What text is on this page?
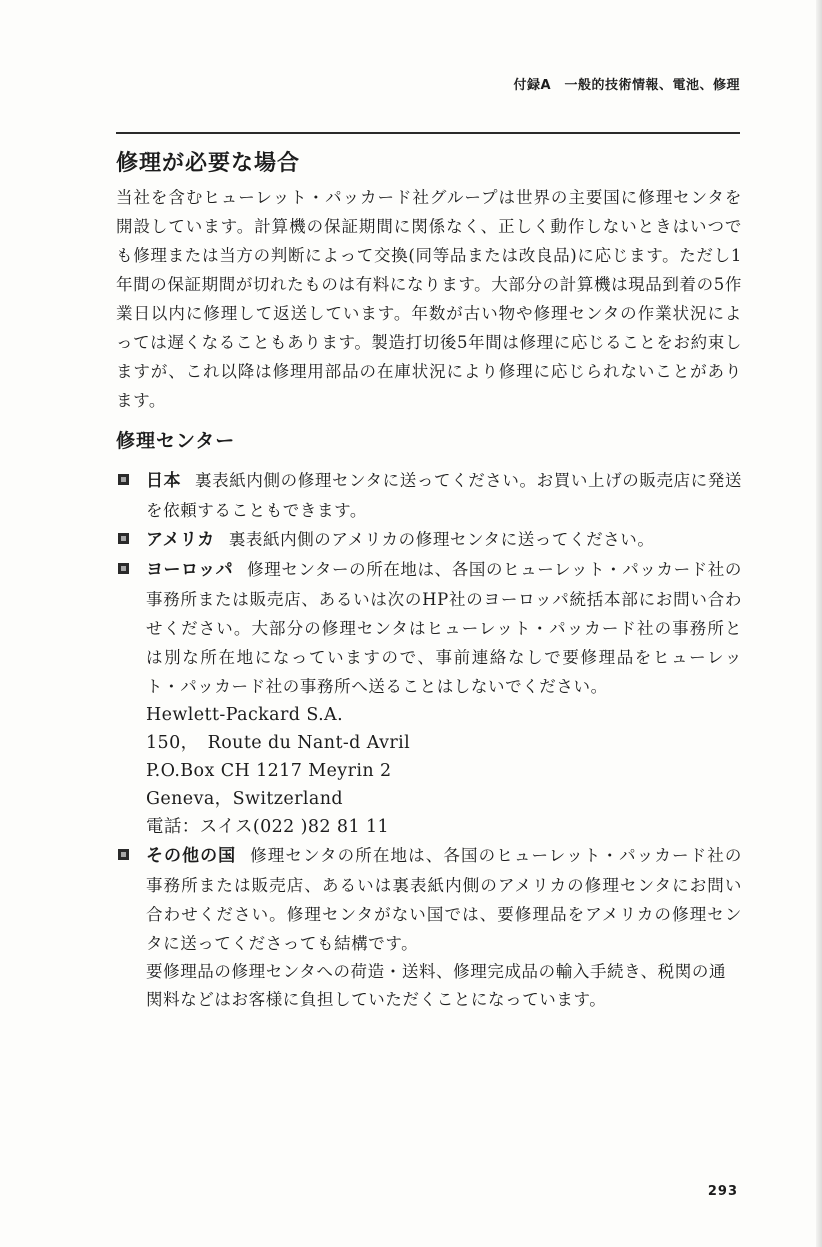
付録A　一般的技術情報、電池、修理
修理が必要な場合

当社を含むヒューレット・パッカード社グループは世界の主要国に修理センタを開設しています。計算機の保証期間に関係なく、正しく動作しないときはいつでも修理または当方の判断によって交換(同等品または改良品)に応じます。ただし1年間の保証期間が切れたものは有料になります。大部分の計算機は現品到着の5作業日以内に修理して返送しています。年数が古い物や修理センタの作業状況によっては遅くなることもあります。製造打切後5年間は修理に応じることをお約束しますが、これ以降は修理用部品の在庫状況により修理に応じられないことがあります。

修理センター
日本 裏表紙内側の修理センタに送ってください。お買い上げの販売店に発送を依頼することもできます。
アメリカ 裏表紙内側のアメリカの修理センタに送ってください。
ヨーロッパ 修理センターの所在地は、各国のヒューレット・パッカード社の事務所または販売店、あるいは次のHP社のヨーロッパ統括本部にお問い合わせください。大部分の修理センタはヒューレット・パッカード社の事務所とは別な所在地になっていますので、事前連絡なしで要修理品をヒューレット・パッカード社の事務所へ送ることはしないでください。
Hewlett-Packard S.A.
150，　Route du Nant-d Avril
P.O.Box CH 1217 Meyrin 2
Geneva，Switzerland
電話：スイス(022 )82 81 11
その他の国 修理センタの所在地は、各国のヒューレット・パッカード社の事務所または販売店、あるいは裏表紙内側のアメリカの修理センタにお問い合わせください。修理センタがない国では、要修理品をアメリカの修理センタに送ってくださっても結構です。
要修理品の修理センタへの荷造・送料、修理完成品の輸入手続き、税関の通関料などはお客様に負担していただくことになっています。
293
